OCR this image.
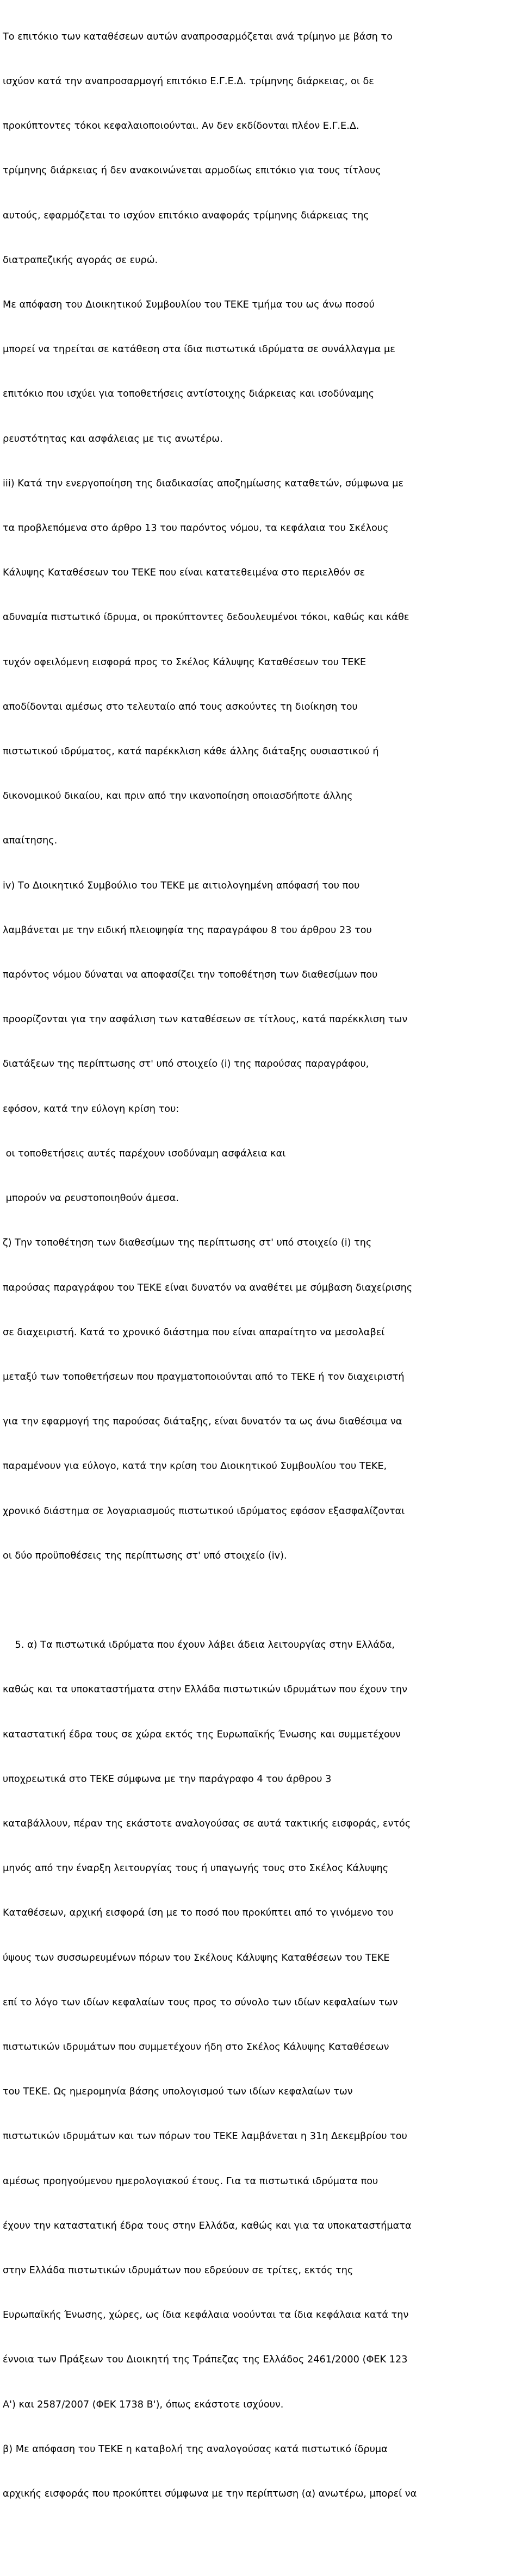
Το επιτόκιο των καταθέσεων αυτών αναπροσαρμόζεται ανά τρίμηνο με βάση το

ισχύον κατά την αναπροσαρμογή επιτόκιο Ε.Γ.Ε.Δ. τρίμηνης διάρκειας, οι δε

προκύπτοντες τόκοι κεφαλαιοποιούνται. Αν δεν εκδίδονται πλέον Ε.Γ.Ε.Δ.

τρίμηνης διάρκειας ή δεν ανακοινώνεται αρμοδίως επιτόκιο για τους τίτλους

αυτούς, εφαρμόζεται το ισχύον επιτόκιο αναφοράς τρίμηνης διάρκειας της

διατραπεζικής αγοράς σε ευρώ.

Με απόφαση του Διοικητικού Συμβουλίου του ΤΕΚΕ τμήμα του ως άνω ποσού

μπορεί να τηρείται σε κατάθεση στα ίδια πιστωτικά ιδρύματα σε συνάλλαγμα με

επιτόκιο που ισχύει για τοποθετήσεις αντίστοιχης διάρκειας και ισοδύναμης

ρευστότητας και ασφάλειας με τις ανωτέρω.

iii) Κατά την ενεργοποίηση της διαδικασίας αποζημίωσης καταθετών, σύμφωνα με

τα προβλεπόμενα στο άρθρο 13 του παρόντος νόμου, τα κεφάλαια του Σκέλους

Κάλυψης Καταθέσεων του ΤΕΚΕ που είναι κατατεθειμένα στο περιελθόν σε

αδυναμία πιστωτικό ίδρυμα, οι προκύπτοντες δεδουλευμένοι τόκοι, καθώς και κάθε

τυχόν οφειλόμενη εισφορά προς το Σκέλος Κάλυψης Καταθέσεων του ΤΕΚΕ

αποδίδονται αμέσως στο τελευταίο από τους ασκούντες τη διοίκηση του

πιστωτικού ιδρύματος, κατά παρέκκλιση κάθε άλλης διάταξης ουσιαστικού ή

δικονομικού δικαίου, και πριν από την ικανοποίηση οποιασδήποτε άλλης

απαίτησης.

iv) Το Διοικητικό Συμβούλιο του ΤΕΚΕ με αιτιολογημένη απόφασή του που

λαμβάνεται με την ειδική πλειοψηφία της παραγράφου 8 του άρθρου 23 του

παρόντος νόμου δύναται να αποφασίζει την τοποθέτηση των διαθεσίμων που

προορίζονται για την ασφάλιση των καταθέσεων σε τίτλους, κατά παρέκκλιση των

διατάξεων της περίπτωσης στ' υπό στοιχείο (i) της παρούσας παραγράφου,

εφόσον, κατά την εύλογη κρίση του:

οι τοποθετήσεις αυτές παρέχουν ισοδύναμη ασφάλεια και

μπορούν να ρευστοποιηθούν άμεσα.

ζ) Την τοποθέτηση των διαθεσίμων της περίπτωσης στ' υπό στοιχείο (i) της

παρούσας παραγράφου του ΤΕΚΕ είναι δυνατόν να αναθέτει με σύμβαση διαχείρισης

σε διαχειριστή. Κατά το χρονικό διάστημα που είναι απαραίτητο να μεσολαβεί

μεταξύ των τοποθετήσεων που πραγματοποιούνται από το ΤΕΚΕ ή τον διαχειριστή

για την εφαρμογή της παρούσας διάταξης, είναι δυνατόν τα ως άνω διαθέσιμα να

παραμένουν για εύλογο, κατά την κρίση του Διοικητικού Συμβουλίου του ΤΕΚΕ,

χρονικό διάστημα σε λογαριασμούς πιστωτικού ιδρύματος εφόσον εξασφαλίζονται

οι δύο προϋποθέσεις της περίπτωσης στ' υπό στοιχείο (iv).

5. α) Τα πιστωτικά ιδρύματα που έχουν λάβει άδεια λειτουργίας στην Ελλάδα,

καθώς και τα υποκαταστήματα στην Ελλάδα πιστωτικών ιδρυμάτων που έχουν την

καταστατική έδρα τους σε χώρα εκτός της Ευρωπαϊκής Ένωσης και συμμετέχουν

υποχρεωτικά στο ΤΕΚΕ σύμφωνα με την παράγραφο 4 του άρθρου 3

καταβάλλουν, πέραν της εκάστοτε αναλογούσας σε αυτά τακτικής εισφοράς, εντός

μηνός από την έναρξη λειτουργίας τους ή υπαγωγής τους στο Σκέλος Κάλυψης

Καταθέσεων, αρχική εισφορά ίση με το ποσό που προκύπτει από το γινόμενο του

ύψους των συσσωρευμένων πόρων του Σκέλους Κάλυψης Καταθέσεων του ΤΕΚΕ

επί το λόγο των ιδίων κεφαλαίων τους προς το σύνολο των ιδίων κεφαλαίων των

πιστωτικών ιδρυμάτων που συμμετέχουν ήδη στο Σκέλος Κάλυψης Καταθέσεων

του ΤΕΚΕ. Ως ημερομηνία βάσης υπολογισμού των ιδίων κεφαλαίων των

πιστωτικών ιδρυμάτων και των πόρων του ΤΕΚΕ λαμβάνεται η 31η Δεκεμβρίου του

αμέσως προηγούμενου ημερολογιακού έτους. Για τα πιστωτικά ιδρύματα που

έχουν την καταστατική έδρα τους στην Ελλάδα, καθώς και για τα υποκαταστήματα

στην Ελλάδα πιστωτικών ιδρυμάτων που εδρεύουν σε τρίτες, εκτός της

Ευρωπαϊκής Ένωσης, χώρες, ως ίδια κεφάλαια νοούνται τα ίδια κεφάλαια κατά την

έννοια των Πράξεων του Διοικητή της Τράπεζας της Ελλάδος 2461/2000 (ΦΕΚ 123

Α') και 2587/2007 (ΦΕΚ 1738 Β'), όπως εκάστοτε ισχύουν.

β) Με απόφαση του ΤΕΚΕ η καταβολή της αναλογούσας κατά πιστωτικό ίδρυμα

αρχικής εισφοράς που προκύπτει σύμφωνα με την περίπτωση (α) ανωτέρω, μπορεί να
